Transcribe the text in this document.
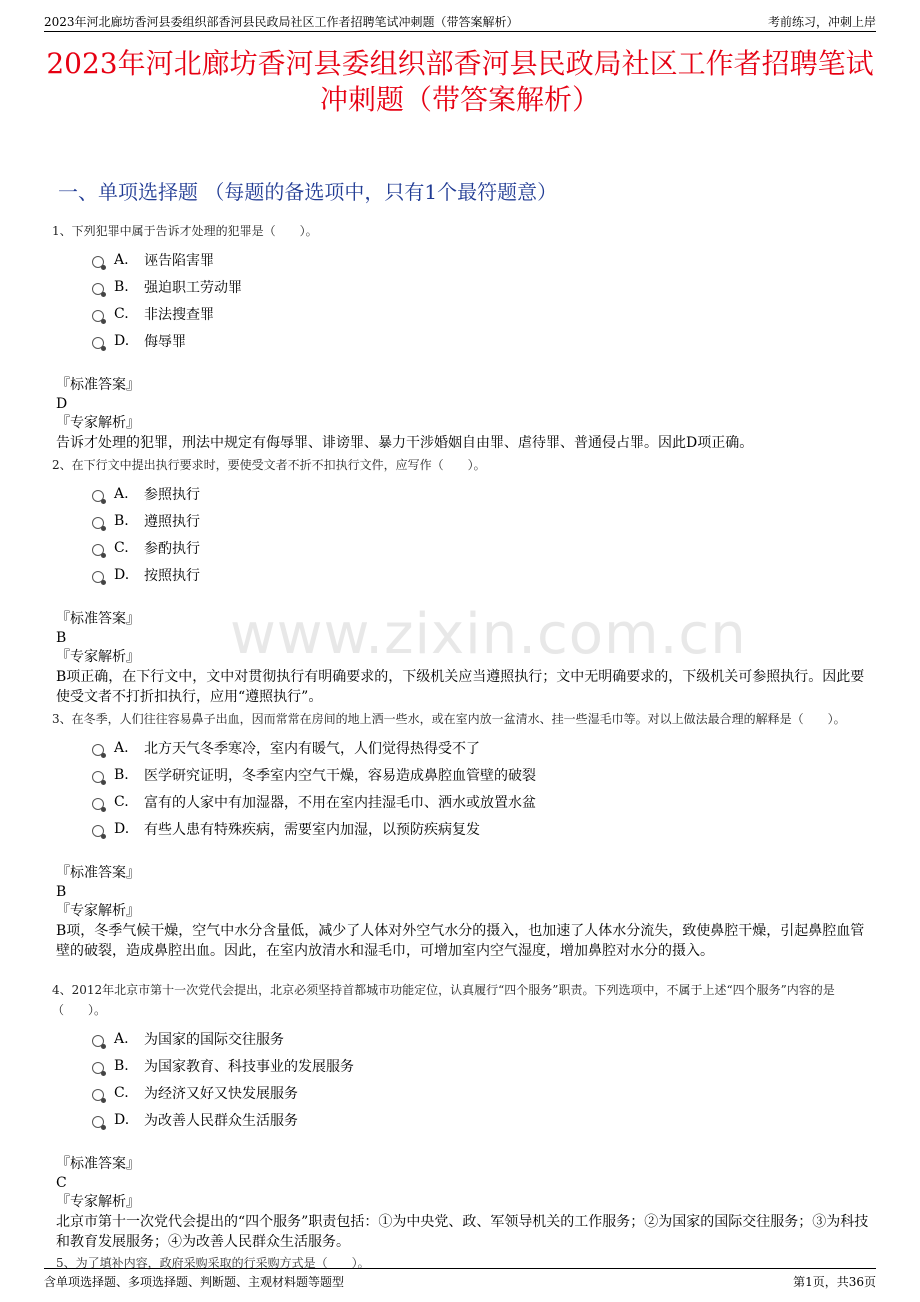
2023年河北廊坊香河县委组织部香河县民政局社区工作者招聘笔试冲刺题（带答案解析）	考前练习，冲刺上岸
2023年河北廊坊香河县委组织部香河县民政局社区工作者招聘笔试冲刺题（带答案解析）
一、单项选择题 （每题的备选项中，只有1个最符题意）
www.zixin.com.cn
1、下列犯罪中属于告诉才处理的犯罪是（　　）。
A.	诬告陷害罪
B.	强迫职工劳动罪
C.	非法搜查罪
D.	侮辱罪
『标准答案』
D
『专家解析』
告诉才处理的犯罪，刑法中规定有侮辱罪、诽谤罪、暴力干涉婚姻自由罪、虐待罪、普通侵占罪。因此D项正确。
2、在下行文中提出执行要求时，要使受文者不折不扣执行文件，应写作（　　）。
A.	参照执行
B.	遵照执行
C.	参酌执行
D.	按照执行
『标准答案』
B
『专家解析』
B项正确，在下行文中，文中对贯彻执行有明确要求的，下级机关应当遵照执行；文中无明确要求的，下级机关可参照执行。因此要使受文者不打折扣执行，应用“遵照执行”。
3、在冬季，人们往往容易鼻子出血，因而常常在房间的地上洒一些水，或在室内放一盆清水、挂一些湿毛巾等。对以上做法最合理的解释是（　　）。
A.	北方天气冬季寒冷，室内有暖气，人们觉得热得受不了
B.	医学研究证明，冬季室内空气干燥，容易造成鼻腔血管壁的破裂
C.	富有的人家中有加湿器，不用在室内挂湿毛巾、洒水或放置水盆
D.	有些人患有特殊疾病，需要室内加湿，以预防疾病复发
『标准答案』
B
『专家解析』
B项，冬季气候干燥，空气中水分含量低，减少了人体对外空气水分的摄入，也加速了人体水分流失，致使鼻腔干燥，引起鼻腔血管壁的破裂，造成鼻腔出血。因此，在室内放清水和湿毛巾，可增加室内空气湿度，增加鼻腔对水分的摄入。
4、2012年北京市第十一次党代会提出，北京必须坚持首都城市功能定位，认真履行“四个服务”职责。下列选项中，不属于上述“四个服务”内容的是（　　）。
A.	为国家的国际交往服务
B.	为国家教育、科技事业的发展服务
C.	为经济又好又快发展服务
D.	为改善人民群众生活服务
『标准答案』
C
『专家解析』
北京市第十一次党代会提出的“四个服务”职责包括：①为中央党、政、军领导机关的工作服务；②为国家的国际交往服务；③为科技和教育发展服务；④为改善人民群众生活服务。
5、为了填补内容，政府采购采取的行采购方式是（　　）。
含单项选择题、多项选择题、判断题、主观材料题等题型	第1页，共36页
